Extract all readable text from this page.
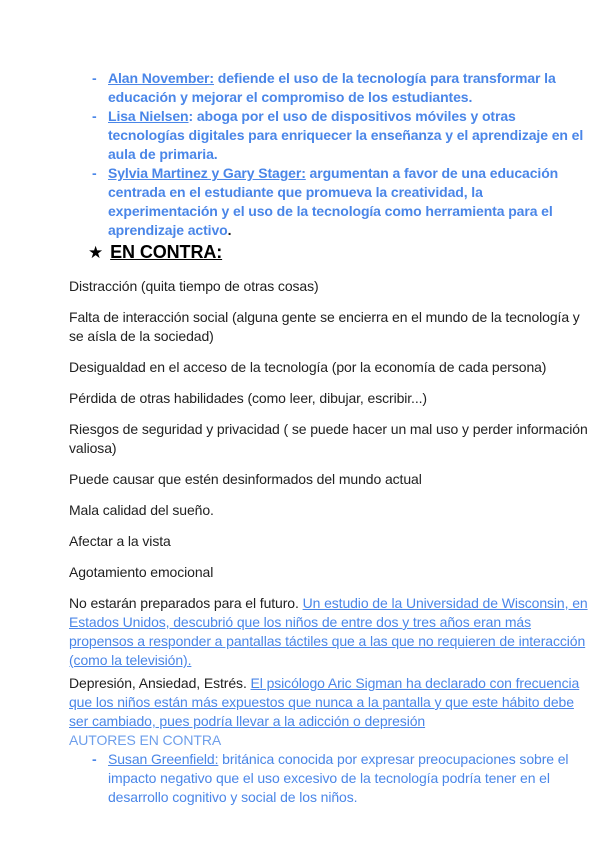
- Alan November: defiende el uso de la tecnología para transformar la educación y mejorar el compromiso de los estudiantes.
- Lisa Nielsen: aboga por el uso de dispositivos móviles y otras tecnologías digitales para enriquecer la enseñanza y el aprendizaje en el aula de primaria.
- Sylvia Martinez y Gary Stager: argumentan a favor de una educación centrada en el estudiante que promueva la creatividad, la experimentación y el uso de la tecnología como herramienta para el aprendizaje activo.
★ EN CONTRA:

Distracción (quita tiempo de otras cosas)

Falta de interacción social (alguna gente se encierra en el mundo de la tecnología y se aísla de la sociedad)

Desigualdad en el acceso de la tecnología (por la economía de cada persona)

Pérdida de otras habilidades (como leer, dibujar, escribir...)

Riesgos de seguridad y privacidad ( se puede hacer un mal uso y perder información valiosa)

Puede causar que estén desinformados del mundo actual

Mala calidad del sueño.

Afectar a la vista

Agotamiento emocional

No estarán preparados para el futuro. Un estudio de la Universidad de Wisconsin, en Estados Unidos, descubrió que los niños de entre dos y tres años eran más propensos a responder a pantallas táctiles que a las que no requieren de interacción (como la televisión).

Depresión, Ansiedad, Estrés. El psicólogo Aric Sigman ha declarado con frecuencia que los niños están más expuestos que nunca a la pantalla y que este hábito debe ser cambiado, pues podría llevar a la adicción o depresión

AUTORES EN CONTRA
- Susan Greenfield: británica conocida por expresar preocupaciones sobre el impacto negativo que el uso excesivo de la tecnología podría tener en el desarrollo cognitivo y social de los niños.
